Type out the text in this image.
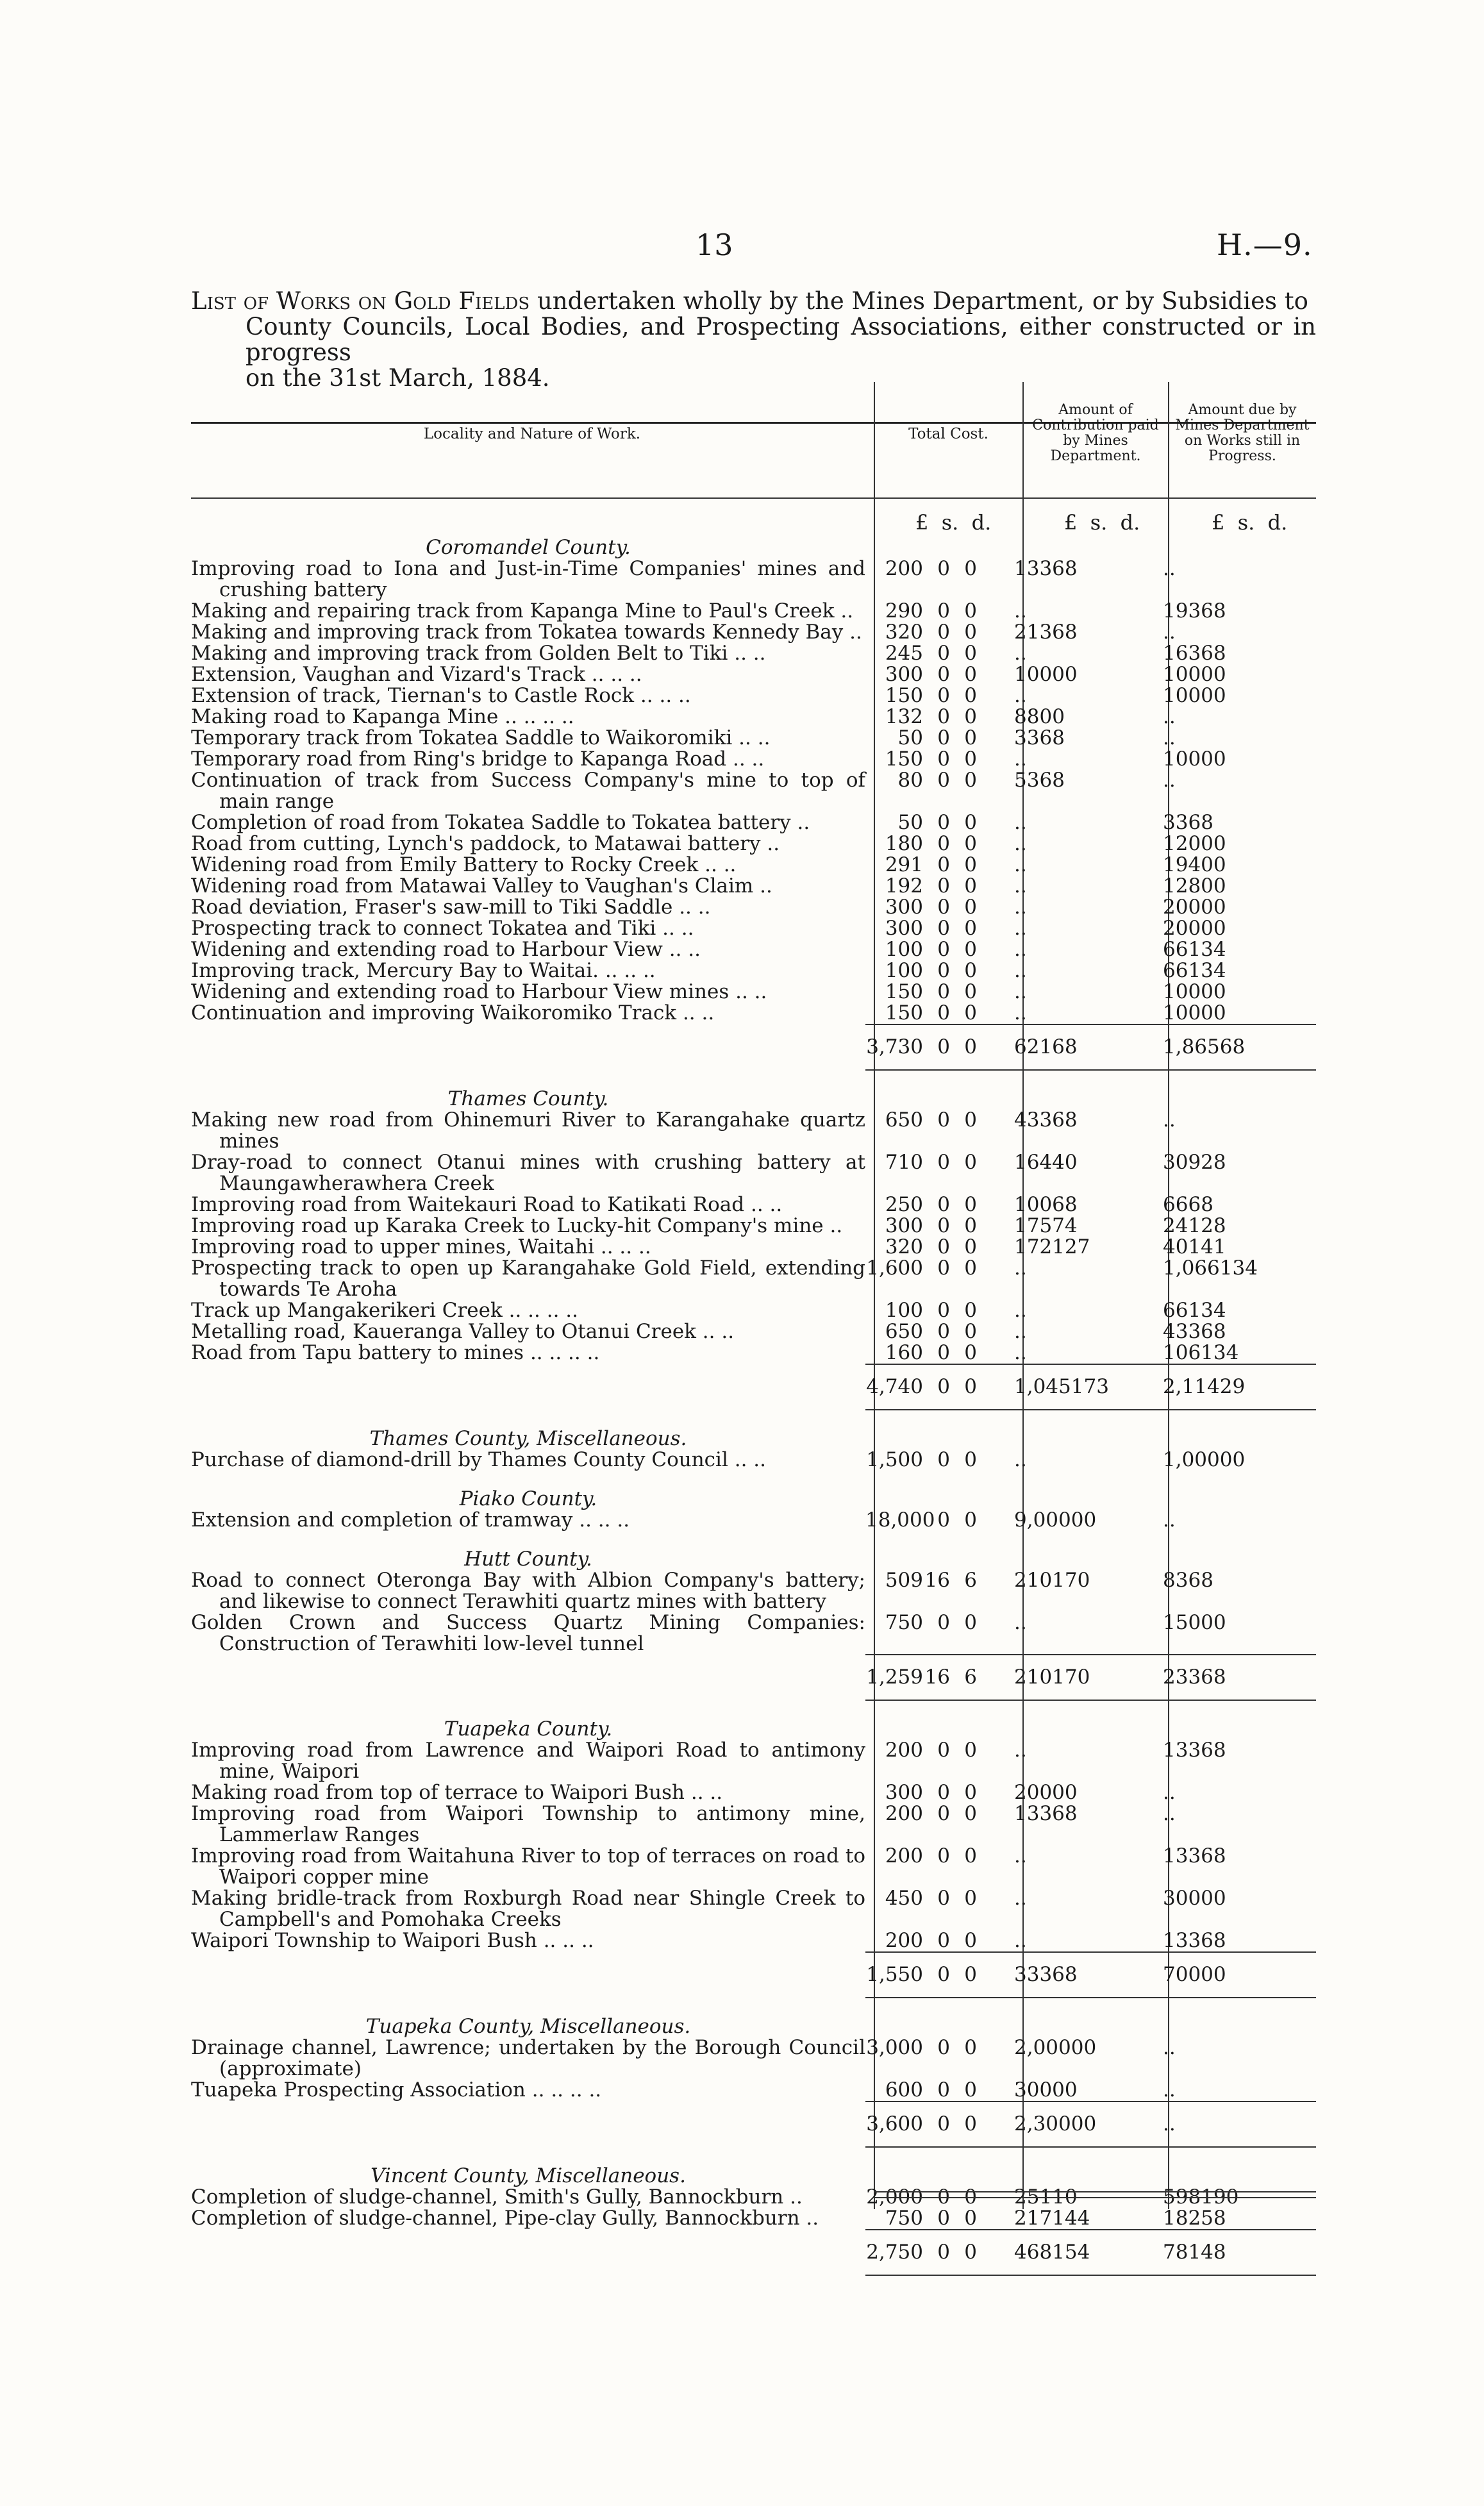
13	H.—9.
List of Works on Gold Fields undertaken wholly by the Mines Department, or by Subsidies to
County Councils, Local Bodies, and Prospecting Associations, either constructed or in progress
on the 31st March, 1884.
Locality and Nature of Work.	Total Cost.
Amount of Contribution paid by Mines Department.
Amount due by Mines Department on Works still in Progress.
£ s. d.	£ s. d.	£ s. d.
Coromandel County.			

Improving road to Iona and Just-in-Time Companies' mines and crushing battery	200 0 0	13368	..

Making and repairing track from Kapanga Mine to Paul's Creek ..	290 0 0	..	19368

Making and improving track from Tokatea towards Kennedy Bay ..	320 0 0	21368	..

Making and improving track from Golden Belt to Tiki .. ..	245 0 0	..	16368

Extension, Vaughan and Vizard's Track .. .. ..	300 0 0	10000	10000

Extension of track, Tiernan's to Castle Rock .. .. ..	150 0 0	..	10000

Making road to Kapanga Mine .. .. .. ..	132 0 0	8800	..

Temporary track from Tokatea Saddle to Waikoromiki .. ..	50 0 0	3368	..

Temporary road from Ring's bridge to Kapanga Road .. ..	150 0 0	..	10000

Continuation of track from Success Company's mine to top of main range	80 0 0	5368	..

Completion of road from Tokatea Saddle to Tokatea battery ..	50 0 0	..	3368

Road from cutting, Lynch's paddock, to Matawai battery ..	180 0 0	..	12000

Widening road from Emily Battery to Rocky Creek .. ..	291 0 0	..	19400

Widening road from Matawai Valley to Vaughan's Claim ..	192 0 0	..	12800

Road deviation, Fraser's saw-mill to Tiki Saddle .. ..	300 0 0	..	20000

Prospecting track to connect Tokatea and Tiki .. ..	300 0 0	..	20000

Widening and extending road to Harbour View .. ..	100 0 0	..	66134

Improving track, Mercury Bay to Waitai. .. .. ..	100 0 0	..	66134

Widening and extending road to Harbour View mines .. ..	150 0 0	..	10000

Continuation and improving Waikoromiko Track .. ..	150 0 0	..	10000
	3,730 0 0	62168	1,86568

Thames County.			

Making new road from Ohinemuri River to Karangahake quartz mines	650 0 0	43368	..

Dray-road to connect Otanui mines with crushing battery at Maungawherawhera Creek	710 0 0	16440	30928

Improving road from Waitekauri Road to Katikati Road .. ..	250 0 0	10068	6668

Improving road up Karaka Creek to Lucky-hit Company's mine ..	300 0 0	17574	24128

Improving road to upper mines, Waitahi .. .. ..	320 0 0	172127	40141

Prospecting track to open up Karangahake Gold Field, extending towards Te Aroha	1,600 0 0	..	1,066134

Track up Mangakerikeri Creek .. .. .. ..	100 0 0	..	66134

Metalling road, Kaueranga Valley to Otanui Creek .. ..	650 0 0	..	43368

Road from Tapu battery to mines .. .. .. ..	160 0 0	..	106134
	4,740 0 0	1,045173	2,11429

Thames County, Miscellaneous.			

Purchase of diamond-drill by Thames County Council .. ..	1,500 0 0	..	1,00000

Piako County.			

Extension and completion of tramway .. .. ..	18,000 0 0	9,00000	..

Hutt County.			

Road to connect Oteronga Bay with Albion Company's battery; and likewise to connect Terawhiti quartz mines with battery	50916 6	210170	8368

Golden Crown and Success Quartz Mining Companies: Construction of Terawhiti low-level tunnel	750 0 0	..	15000
	1,25916 6	210170	23368

Tuapeka County.			

Improving road from Lawrence and Waipori Road to antimony mine, Waipori	200 0 0	..	13368

Making road from top of terrace to Waipori Bush .. ..	300 0 0	20000	..

Improving road from Waipori Township to antimony mine, Lammerlaw Ranges	200 0 0	13368	..

Improving road from Waitahuna River to top of terraces on road to Waipori copper mine	200 0 0	..	13368

Making bridle-track from Roxburgh Road near Shingle Creek to Campbell's and Pomohaka Creeks	450 0 0	..	30000

Waipori Township to Waipori Bush .. .. ..	200 0 0	..	13368
	1,550 0 0	33368	70000

Tuapeka County, Miscellaneous.			

Drainage channel, Lawrence; undertaken by the Borough Council (approximate)	3,000 0 0	2,00000	..

Tuapeka Prospecting Association .. .. .. ..	600 0 0	30000	..
	3,600 0 0	2,30000	..

Vincent County, Miscellaneous.			

Completion of sludge-channel, Smith's Gully, Bannockburn ..	2,000 0 0	25110	598190

Completion of sludge-channel, Pipe-clay Gully, Bannockburn ..	750 0 0	217144	18258
	2,750 0 0	468154	78148
